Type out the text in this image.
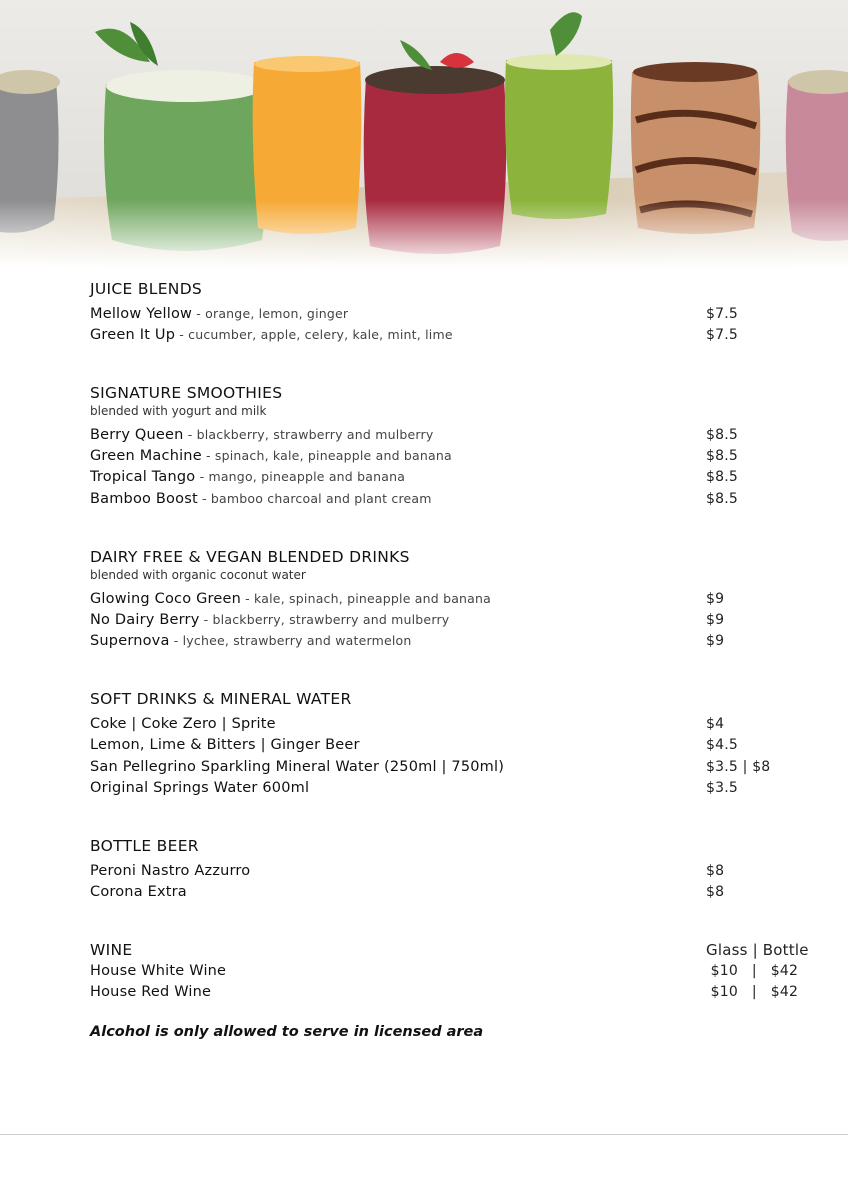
JUICE BLENDS
Mellow Yellow - orange, lemon, ginger	$7.5
Green It Up - cucumber, apple, celery, kale, mint, lime	$7.5
SIGNATURE SMOOTHIES
blended with yogurt and milk
Berry Queen - blackberry, strawberry and mulberry	$8.5
Green Machine - spinach, kale, pineapple and banana	$8.5
Tropical Tango - mango, pineapple and banana	$8.5
Bamboo Boost - bamboo charcoal and plant cream	$8.5
DAIRY FREE & VEGAN BLENDED DRINKS
blended with organic coconut water
Glowing Coco Green - kale, spinach, pineapple and banana	$9
No Dairy Berry - blackberry, strawberry and mulberry	$9
Supernova - lychee, strawberry and watermelon	$9
SOFT DRINKS & MINERAL WATER
Coke | Coke Zero | Sprite	$4
Lemon, Lime & Bitters | Ginger Beer	$4.5
San Pellegrino Sparkling Mineral Water (250ml | 750ml)	$3.5 | $8
Original Springs Water 600ml	$3.5
BOTTLE BEER
Peroni Nastro Azzurro	$8
Corona Extra	$8
WINE	Glass | Bottle
House White Wine	$10   |   $42
House Red Wine	$10   |   $42
Alcohol is only allowed to serve in licensed area
